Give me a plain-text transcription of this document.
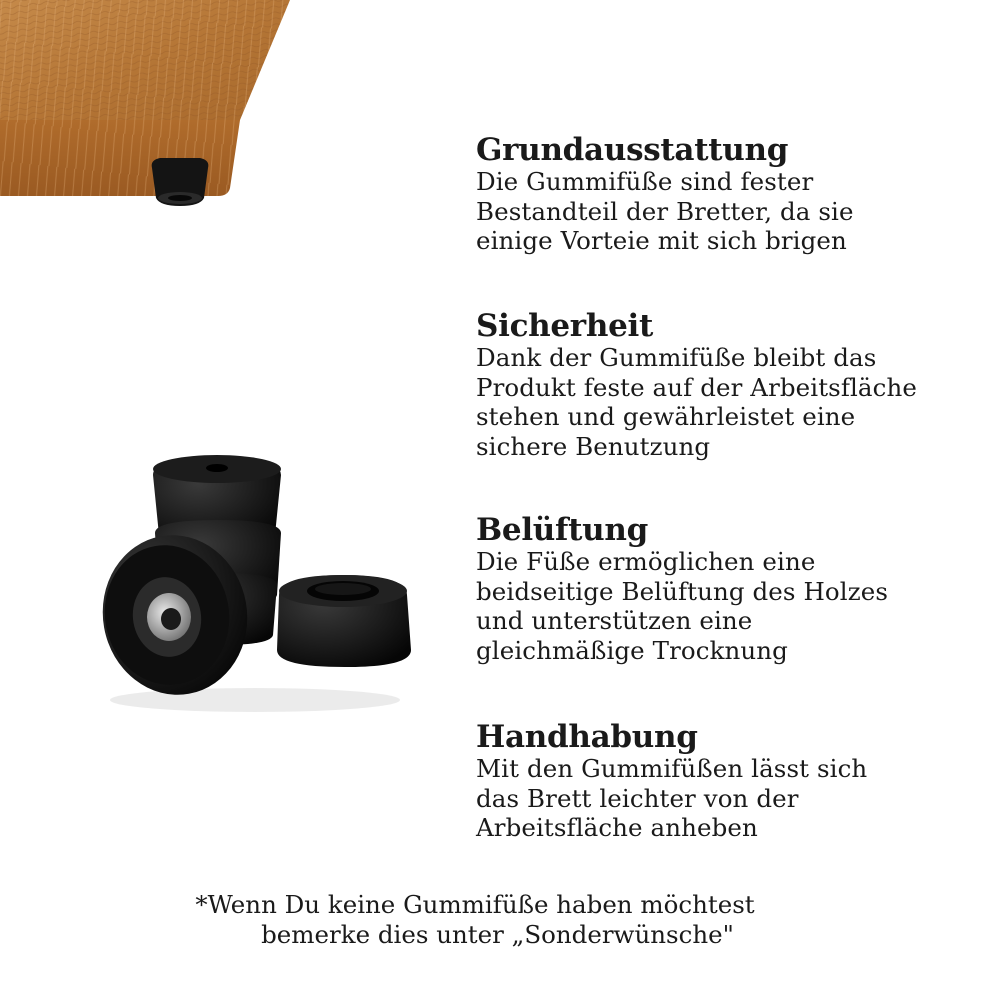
Grundausstattung

Die Gummifüße sind fester

Bestandteil der Bretter, da sie

einige Vorteie mit sich brigen

Sicherheit

Dank der Gummifüße bleibt das

Produkt feste auf der Arbeitsfläche

stehen und gewährleistet eine

sichere Benutzung

Belüftung

Die Füße ermöglichen eine

beidseitige Belüftung des Holzes

und unterstützen eine

gleichmäßige Trocknung

Handhabung

Mit den Gummifüßen lässt sich

das Brett leichter von der

Arbeitsfläche anheben

*Wenn Du keine Gummifüße haben möchtest
bemerke dies unter „Sonderwünsche"
